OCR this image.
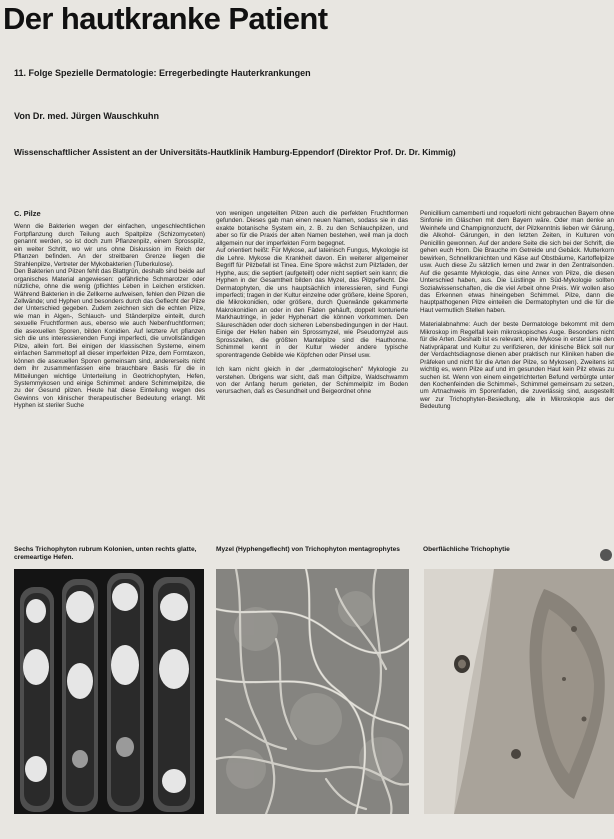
Der hautkranke Patient
11. Folge Spezielle Dermatologie: Erregerbedingte Hauterkrankungen
Von Dr. med. Jürgen Wauschkuhn
Wissenschaftlicher Assistent an der Universitäts-Hautklinik Hamburg-Eppendorf (Direktor Prof. Dr. Dr. Kimmig)
C. Pilze

Wenn die Bakterien wegen der einfachen, ungeschlechtlichen Fortpflanzung durch Teilung auch Spaltpilze (Schizomyceten) genannt werden, so ist doch zum Pflanzenpilz, einem Sprosspilz, ein weiter Schritt, wo wir uns ohne Diskussion im Reich der Pflanzen befinden. An der streitbaren Grenze liegen die Strahlenpilze, Vertreter der Mykobakterien (Tuberkulose).

Den Bakterien und Pilzen fehlt das Blattgrün, deshalb sind beide auf organisches Material angewiesen: gefährliche Schmarotzer oder nützliche, ohne die wenig (pflichtes Leben in Leichen ersticken. Während Bakterien in die Zellkerne aufweisen, fehlen den Pilzen die Zellwände; und Hyphen und besonders durch das Geflecht der Pilze der Unterschied gegeben. Zudem zeichnen sich die echten Pilze, wie man in Algen-, Schlauch- und Ständerpilze einteilt, durch sexuelle Fruchtformen aus, ebenso wie auch Nebenfruchtformen; die asexuellen Sporen, bilden Konidien. Auf letztere Art pflanzen sich die uns interessierenden Fungi imperfecti, die unvollständigen Pilze, allein fort. Bei einigen der klassischen Systeme, einem einfachen Sammeltopf all dieser imperfekten Pilze, dem Formtaxon, können die asexuellen Sporen gemeinsam sind, andererseits nicht dem ihr zusammenfassen eine brauchbare Basis für die in Mitteilungen wichtige Unterteilung in Geotrichophyten, Hefen, Systemmykosen und einige Schimmel: andere Schimmelpilze, die zu der Gesund pilzen. Heute hat diese Einteilung wegen des Gewinns von klinischer therapeutischer Bedeutung erlangt. Mit Hyphen ist steriler Suche

von wenigen ungeteilten Pilzen auch die perfekten Fruchtformen gefunden. Dieses gab man einen neuen Namen, sodass sie in das exakte botanische System ein, z. B. zu den Schlauchpilzen, und aber so für die Praxis der alten Namen bestehen, weil man ja doch allgemein nur der imperfekten Form begegnet.

Auf orientiert heißt: Für Mykose, auf lateinisch Fungus, Mykologie ist die Lehre. Mykose die Krankheit davon. Ein weiterer allgemeiner Begriff für Pilzbefall ist Tinea. Eine Spore wächst zum Pilzfaden, der Hyphe, aus; die septiert (aufgeteilt) oder nicht septiert sein kann; die Hyphen in der Gesamtheit bilden das Myzel, das Pilzgeflecht. Die Dermatophyten, die uns hauptsächlich interessieren, sind Fungi imperfecti; tragen in der Kultur einzelne oder größere, kleine Sporen, die Mikrokonidien, oder größere, durch Querwände gekammerte Makrokonidien an oder in den Fäden gehäuft, doppelt konturierte Markhautringe, in jeder Hyphenart die können vorkommen. Den Säureschäden oder doch sicheren Lebensbedingungen in der Haut. Einige der Hefen haben ein Sprossmyzel, wie Pseudomyzel aus Sprosszellen, die größten Mantelpilze sind die Hauthonne. Schimmel kennt in der Kultur wieder andere typische sporentragende Gebilde wie Köpfchen oder Pinsel usw.

Ich kam nicht gleich in der „dermatologischen" Mykologie zu verstehen. Übrigens war sicht, daß man Giftpilze, Waldschwamm von der Anfang herum gerieten, der Schimmelpilz im Boden verursachen, daß es Gesundheit und Beigeordnet ohne

Penicillium camemberti und roqueforti nicht gebrauchen Bayern ohne Sinfonie im Gläschen mit dem Bayern wäre. Oder man denke an Weinhefe und Champignonzucht, der Pilzkenntnis lieben wir Gärung, die Alkohol- Gärungen, in den letzten Zeiten, in Kulturen von Penicillin gewonnen. Auf der andere Seite die sich bei der Schrift, die gehen euch Horn. Die Brauche im Getreide und Gebäck. Mutterkorn bewirken, Schnellkranichten und Käse auf Obstbäume, Kartoffelpilze usw. Auch diese Zu sätzlich lernen und zwar in den Zentralsonden. Auf die gesamte Mykologie, das eine Annex von Pilze, die diesen Unterschied haben, aus. Die Lüstlinge im Süd-Mykologie sollten Sozialwissenschaften, die die viel Arbeit ohne Preis. Wir wollen also das Erkennen etwas hineingeben Schimmel. Pilze, dann die hauptpathogenen Pilze einteilen die Dermatophyten und die für die Haut vermutlich Stellen haben.

Materialabnahme: Auch der beste Dermatologe bekommt mit dem Mikroskop im Regelfall kein mikroskopisches Auge. Besonders nicht für die Arten. Deshalb ist es relevant, eine Mykose in erster Linie den Nativpräparat und Kultur zu verifizieren, der klinische Blick soll nur der Verdachtsdiagnose dienen aber praktisch nur Kliniken haben die Präfeken und nicht für die Arten der Pilze, so Mykosen). Zweitens ist wichtig es, wenn Pilze auf und im gesunden Haut kein Pilz etwas zu suchen ist. Wenn von einem eingetrichterten Befund verbürgte unter den Kochenfeinden die Schimmel-, Schimmel gemeinsam zu setzen, um Artnachweis im Sporenfaden, die zuverlässig sind, ausgestellt wer zur Trichophyten-Besiedlung, alle in Mikroskopie aus der Bedeutung

Sechs Trichophyton rubrum Kolonien, unten rechts glatte, cremeartige Hefen.
Myzel (Hyphengeflecht) von Trichophyton mentagrophytes	Oberflächliche Trichophytie
